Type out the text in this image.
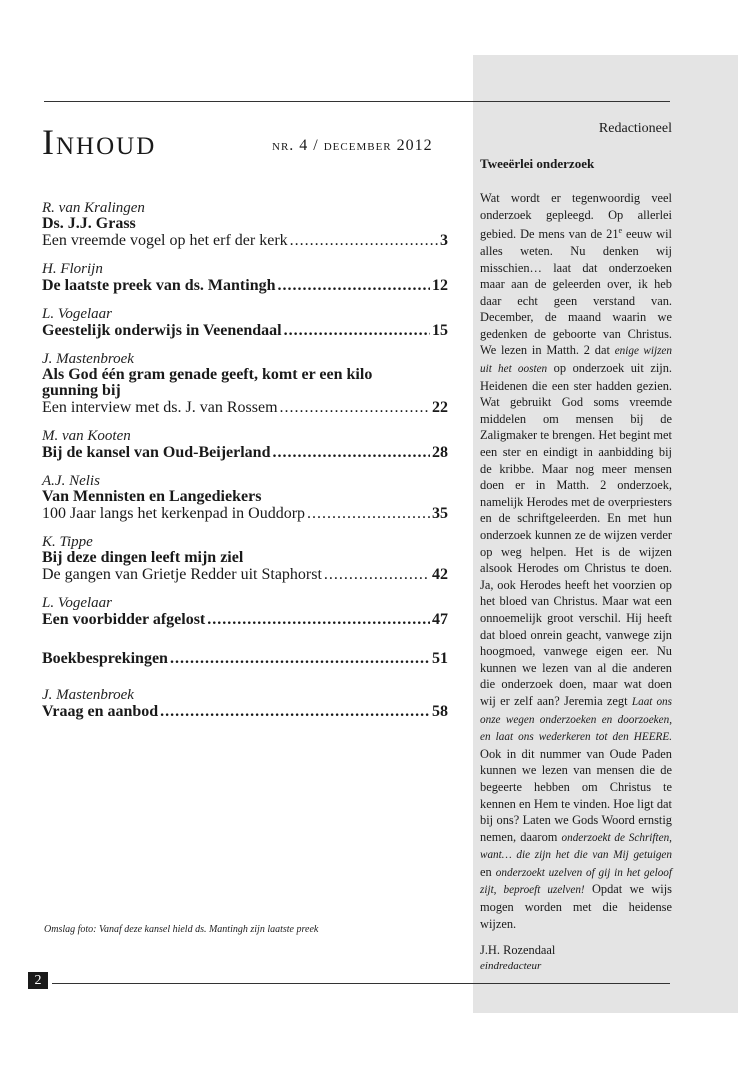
Inhoud	nr. 4 / december 2012
R. van Kralingen
Ds. J.J. Grass
Een vreemde vogel op het erf der kerk .....	3
H. Florijn
De laatste preek van ds. Mantingh .....	12
L. Vogelaar
Geestelijk onderwijs in Veenendaal .....	15
J. Mastenbroek
Als God één gram genade geeft, komt er een kilo gunning bij
Een interview met ds. J. van Rossem .....	22
M. van Kooten
Bij de kansel van Oud-Beijerland .....	28
A.J. Nelis
Van Mennisten en Langediekers
100 Jaar langs het kerkenpad in Ouddorp .....	35
K. Tippe
Bij deze dingen leeft mijn ziel
De gangen van Grietje Redder uit Staphorst .....	42
L. Vogelaar
Een voorbidder afgelost .....	47
Boekbesprekingen .....	51
J. Mastenbroek
Vraag en aanbod .....	58
Omslag foto: Vanaf deze kansel hield ds. Mantingh zijn laatste preek
Redactioneel
Tweeërlei onderzoek
Wat wordt er tegenwoordig veel onderzoek gepleegd. Op allerlei gebied. De mens van de 21e eeuw wil alles weten. Nu denken wij misschien… laat dat onderzoeken maar aan de geleerden over, ik heb daar echt geen verstand van. December, de maand waarin we gedenken de geboorte van Christus. We lezen in Matth. 2 dat enige wijzen uit het oosten op onderzoek uit zijn. Heidenen die een ster hadden gezien. Wat gebruikt God soms vreemde middelen om mensen bij de Zaligmaker te brengen. Het begint met een ster en eindigt in aanbidding bij de kribbe. Maar nog meer mensen doen er in Matth. 2 onderzoek, namelijk Herodes met de overpriesters en de schriftgeleerden. En met hun onderzoek kunnen ze de wijzen verder op weg helpen. Het is de wijzen alsook Herodes om Christus te doen. Ja, ook Herodes heeft het voorzien op het bloed van Christus. Maar wat een onnoemelijk groot verschil. Hij heeft dat bloed onrein geacht, vanwege zijn hoogmoed, vanwege eigen eer. Nu kunnen we lezen van al die anderen die onderzoek doen, maar wat doen wij er zelf aan? Jeremia zegt Laat ons onze wegen onderzoeken en doorzoeken, en laat ons wederkeren tot den HEERE. Ook in dit nummer van Oude Paden kunnen we lezen van mensen die de begeerte hebben om Christus te kennen en Hem te vinden. Hoe ligt dat bij ons? Laten we Gods Woord ernstig nemen, daarom onderzoekt de Schriften, want… die zijn het die van Mij getuigen en onderzoekt uzelven of gij in het geloof zijt, beproeft uzelven! Opdat we wijs mogen worden met die heidense wijzen.
J.H. Rozendaal
eindredacteur
2
